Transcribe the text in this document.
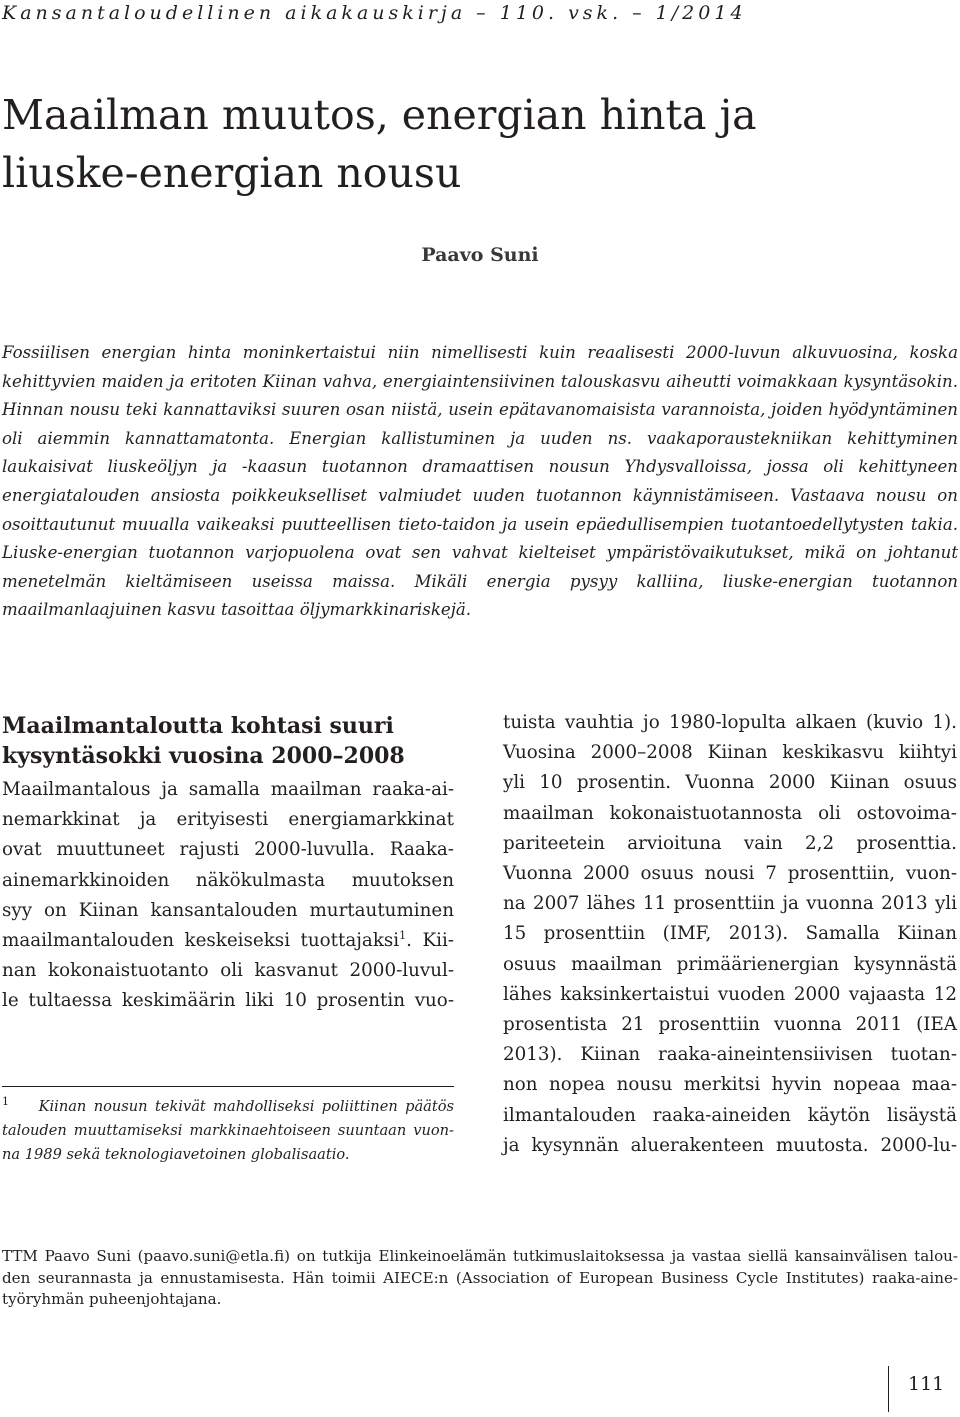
Kansantaloudellinen aikakauskirja – 110. vsk. – 1/2014
Maailman muutos, energian hinta ja
liuske-energian nousu
Paavo Suni

Fossiilisen energian hinta moninkertaistui niin nimellisesti kuin reaalisesti 2000-luvun alkuvuosina, koska kehittyvien maiden ja eritoten Kiinan vahva, energiaintensiivinen talouskasvu aiheutti voimakkaan kysyntäsokin. Hinnan nousu teki kannattaviksi suuren osan niistä, usein epätavanomaisista varannoista, joiden hyödyntäminen oli aiemmin kannattamatonta. Energian kallistuminen ja uuden ns. vaakaporaustekniikan kehittyminen laukaisivat liuskeöljyn ja -kaasun tuotannon dramaattisen nousun Yhdysvalloissa, jossa oli kehittyneen energiatalouden ansiosta poikkeukselliset valmiudet uuden tuotannon käynnistämiseen. Vastaava nousu on osoittautunut muualla vaikeaksi puutteellisen tieto-taidon ja usein epäedullisempien tuotantoedellytysten takia. Liuske-energian tuotannon varjopuolena ovat sen vahvat kielteiset ympäristövaikutukset, mikä on johtanut menetelmän kieltämiseen useissa maissa. Mikäli energia pysyy kalliina, liuske-energian tuotannon maailmanlaajuinen kasvu tasoittaa öljymarkkinariskejä.

Maailmantaloutta kohtasi suuri
kysyntäsokki vuosina 2000–2008
Maailmantalous ja samalla maailman raaka-ai-
nemarkkinat ja erityisesti energiamarkkinat
ovat muuttuneet rajusti 2000-luvulla. Raaka-
ainemarkkinoiden näkökulmasta muutoksen
syy on Kiinan kansantalouden murtautuminen
maailmantalouden keskeiseksi tuottajaksi$^1$. Kii-
nan kokonaistuotanto oli kasvanut 2000-luvul-
le tultaessa keskimäärin liki 10 prosentin vuo-
$^1$ Kiinan nousun tekivät mahdolliseksi poliittinen päätös
talouden muuttamiseksi markkinaehtoiseen suuntaan vuon-
na 1989 sekä teknologiavetoinen globalisaatio.
tuista vauhtia jo 1980-lopulta alkaen (kuvio 1).
Vuosina 2000–2008 Kiinan keskikasvu kiihtyi
yli 10 prosentin. Vuonna 2000 Kiinan osuus
maailman kokonaistuotannosta oli ostovoima-
pariteetein arvioituna vain 2,2 prosenttia.
Vuonna 2000 osuus nousi 7 prosenttiin, vuon-
na 2007 lähes 11 prosenttiin ja vuonna 2013 yli
15 prosenttiin (IMF, 2013). Samalla Kiinan
osuus maailman primäärienergian kysynnästä
lähes kaksinkertaistui vuoden 2000 vajaasta 12
prosentista 21 prosenttiin vuonna 2011 (IEA
2013). Kiinan raaka-aineintensiivisen tuotan-
non nopea nousu merkitsi hyvin nopeaa maa-
ilmantalouden raaka-aineiden käytön lisäystä
ja kysynnän aluerakenteen muutosta. 2000-lu-
TTM Paavo Suni (paavo.suni@etla.fi) on tutkija Elinkeinoelämän tutkimuslaitoksessa ja vastaa siellä kansainvälisen talou-
den seurannasta ja ennustamisesta. Hän toimii AIECE:n (Association of European Business Cycle Institutes) raaka-aine-
työryhmän puheenjohtajana.
111
